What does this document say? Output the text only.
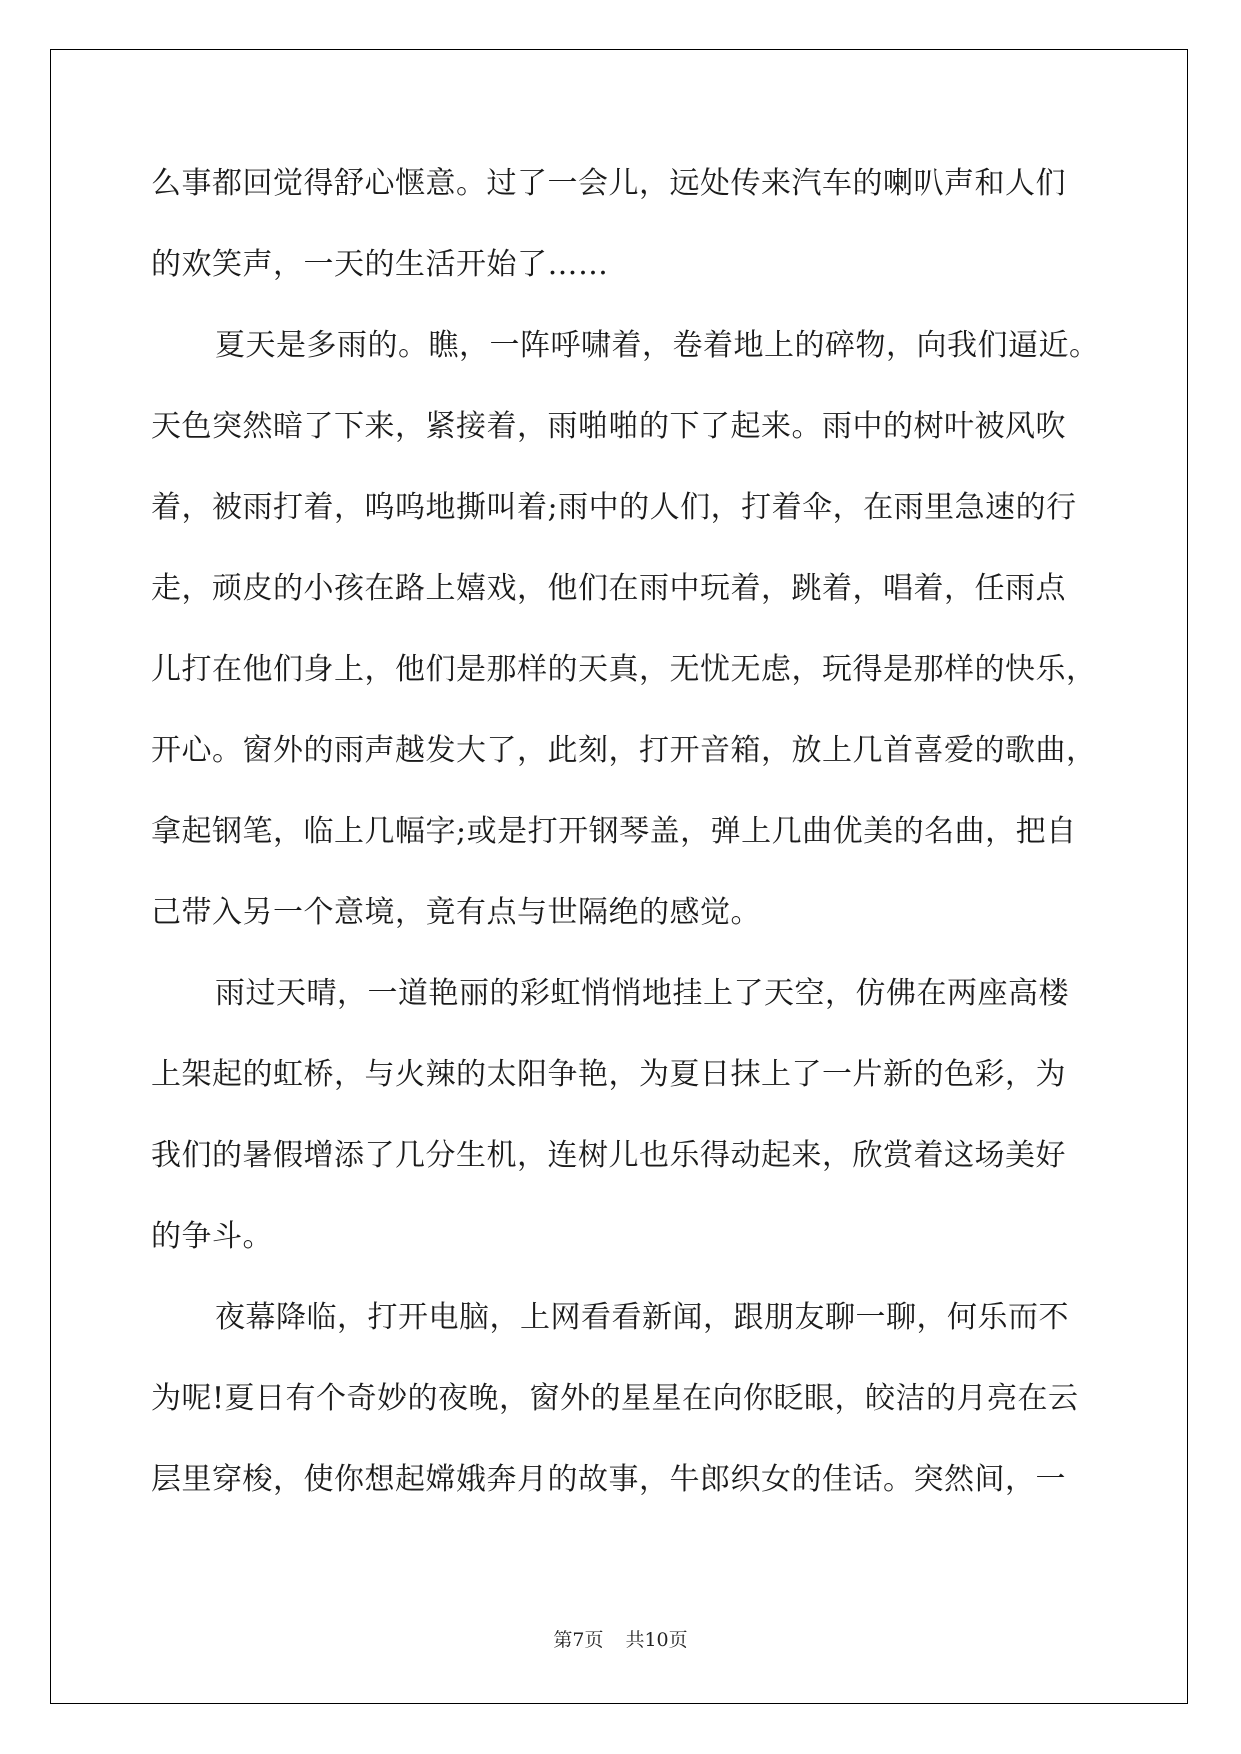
么事都回觉得舒心惬意。过了一会儿，远处传来汽车的喇叭声和人们
的欢笑声，一天的生活开始了……
夏天是多雨的。瞧，一阵呼啸着，卷着地上的碎物，向我们逼近。
天色突然暗了下来，紧接着，雨啪啪的下了起来。雨中的树叶被风吹
着，被雨打着，呜呜地撕叫着;雨中的人们，打着伞，在雨里急速的行
走，顽皮的小孩在路上嬉戏，他们在雨中玩着，跳着，唱着，任雨点
儿打在他们身上，他们是那样的天真，无忧无虑，玩得是那样的快乐，
开心。窗外的雨声越发大了，此刻，打开音箱，放上几首喜爱的歌曲，
拿起钢笔，临上几幅字;或是打开钢琴盖，弹上几曲优美的名曲，把自
己带入另一个意境，竟有点与世隔绝的感觉。
雨过天晴，一道艳丽的彩虹悄悄地挂上了天空，仿佛在两座高楼
上架起的虹桥，与火辣的太阳争艳，为夏日抹上了一片新的色彩，为
我们的暑假增添了几分生机，连树儿也乐得动起来，欣赏着这场美好
的争斗。
夜幕降临，打开电脑，上网看看新闻，跟朋友聊一聊，何乐而不
为呢!夏日有个奇妙的夜晚，窗外的星星在向你眨眼，皎洁的月亮在云
层里穿梭，使你想起嫦娥奔月的故事，牛郎织女的佳话。突然间，一
第7页 共10页
